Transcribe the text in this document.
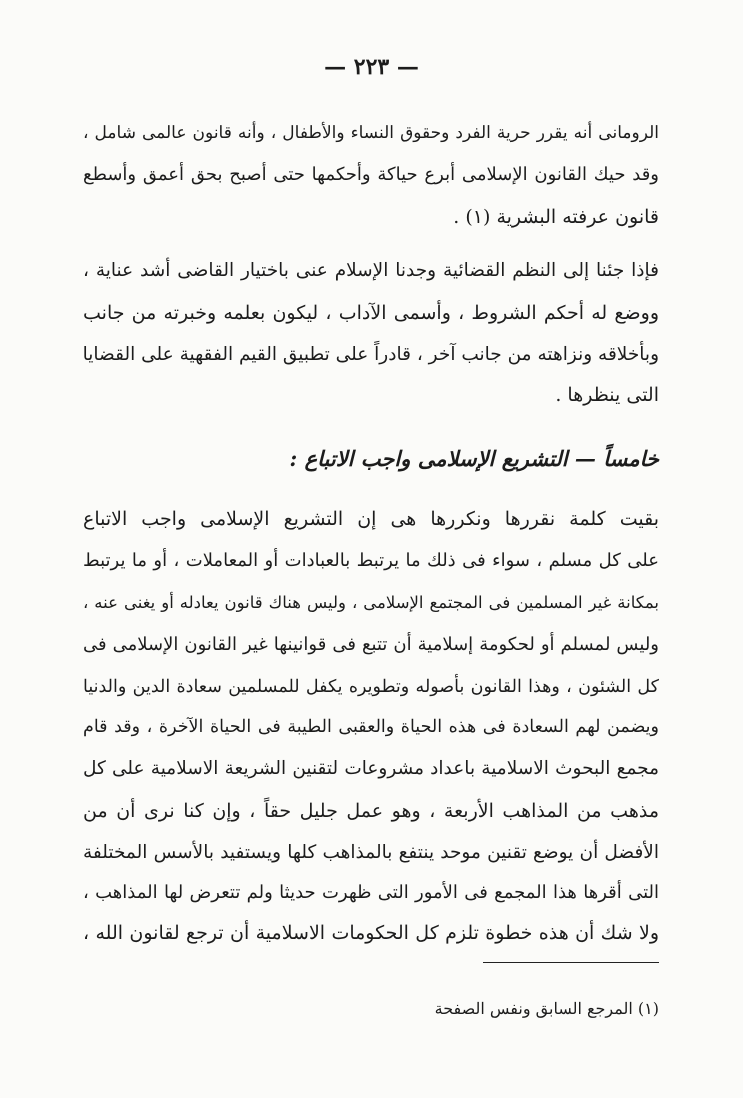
— ٢٢٣ —
الرومانى أنه يقرر حرية الفرد وحقوق النساء والأطفال ، وأنه قانون عالمى شامل ،
وقد حيك القانون الإسلامى أبرع حياكة وأحكمها حتى أصبح بحق أعمق وأسطع
قانون عرفته البشرية (١) .
فإذا جئنا إلى النظم القضائية وجدنا الإسلام عنى باختيار القاضى أشد عناية ،
ووضع له أحكم الشروط ، وأسمى الآداب ، ليكون بعلمه وخبرته من جانب
وبأخلاقه ونزاهته من جانب آخر ، قادراً على تطبيق القيم الفقهية على القضايا
التى ينظرها .
خامساً — التشريع الإسلامى واجب الاتباع :
بقيت كلمة نقررها ونكررها هى إن التشريع الإسلامى واجب الاتباع
على كل مسلم ، سواء فى ذلك ما يرتبط بالعبادات أو المعاملات ، أو ما يرتبط
بمكانة غير المسلمين فى المجتمع الإسلامى ، وليس هناك قانون يعادله أو يغنى عنه ،
وليس لمسلم أو لحكومة إسلامية أن تتبع فى قوانينها غير القانون الإسلامى فى
كل الشئون ، وهذا القانون بأصوله وتطويره يكفل للمسلمين سعادة الدين والدنيا
ويضمن لهم السعادة فى هذه الحياة والعقبى الطيبة فى الحياة الآخرة ، وقد قام
مجمع البحوث الاسلامية باعداد مشروعات لتقنين الشريعة الاسلامية على كل
مذهب من المذاهب الأربعة ، وهو عمل جليل حقاً ، وإن كنا نرى أن من
الأفضل أن يوضع تقنين موحد ينتفع بالمذاهب كلها ويستفيد بالأسس المختلفة
التى أقرها هذا المجمع فى الأمور التى ظهرت حديثا ولم تتعرض لها المذاهب ،
ولا شك أن هذه خطوة تلزم كل الحكومات الاسلامية أن ترجع لقانون الله ،
(١) المرجع السابق ونفس الصفحة
